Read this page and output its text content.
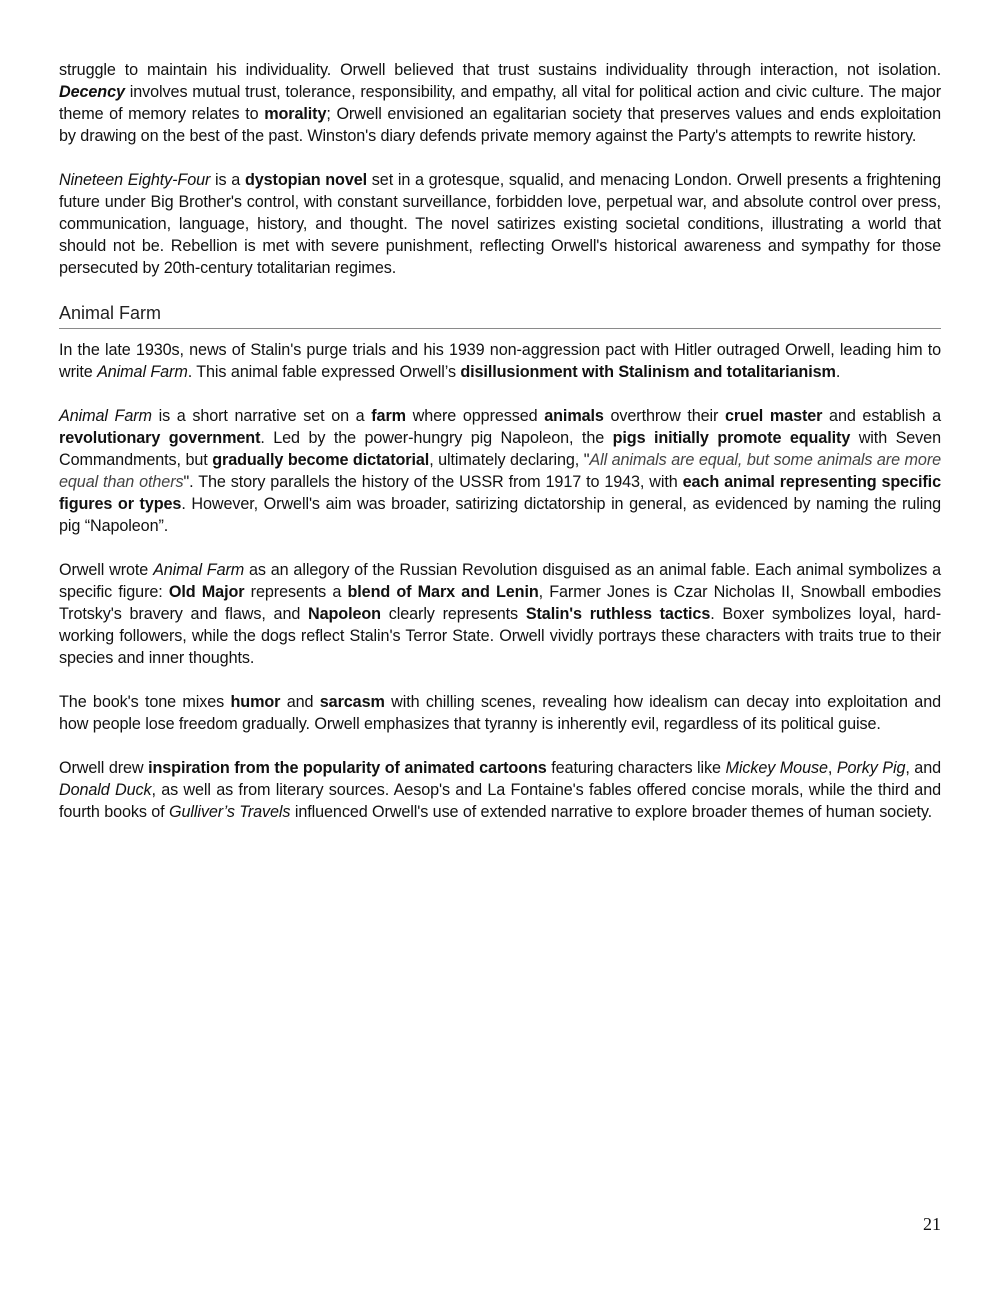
struggle to maintain his individuality. Orwell believed that trust sustains individuality through interaction, not isolation. Decency involves mutual trust, tolerance, responsibility, and empathy, all vital for political action and civic culture. The major theme of memory relates to morality; Orwell envisioned an egalitarian society that preserves values and ends exploitation by drawing on the best of the past. Winston's diary defends private memory against the Party's attempts to rewrite history.

Nineteen Eighty-Four is a dystopian novel set in a grotesque, squalid, and menacing London. Orwell presents a frightening future under Big Brother's control, with constant surveillance, forbidden love, perpetual war, and absolute control over press, communication, language, history, and thought. The novel satirizes existing societal conditions, illustrating a world that should not be. Rebellion is met with severe punishment, reflecting Orwell's historical awareness and sympathy for those persecuted by 20th-century totalitarian regimes.

Animal Farm

In the late 1930s, news of Stalin's purge trials and his 1939 non-aggression pact with Hitler outraged Orwell, leading him to write Animal Farm. This animal fable expressed Orwell’s disillusionment with Stalinism and totalitarianism.

Animal Farm is a short narrative set on a farm where oppressed animals overthrow their cruel master and establish a revolutionary government. Led by the power-hungry pig Napoleon, the pigs initially promote equality with Seven Commandments, but gradually become dictatorial, ultimately declaring, "All animals are equal, but some animals are more equal than others". The story parallels the history of the USSR from 1917 to 1943, with each animal representing specific figures or types. However, Orwell's aim was broader, satirizing dictatorship in general, as evidenced by naming the ruling pig “Napoleon”.

Orwell wrote Animal Farm as an allegory of the Russian Revolution disguised as an animal fable. Each animal symbolizes a specific figure: Old Major represents a blend of Marx and Lenin, Farmer Jones is Czar Nicholas II, Snowball embodies Trotsky's bravery and flaws, and Napoleon clearly represents Stalin's ruthless tactics. Boxer symbolizes loyal, hard-working followers, while the dogs reflect Stalin's Terror State. Orwell vividly portrays these characters with traits true to their species and inner thoughts.

The book's tone mixes humor and sarcasm with chilling scenes, revealing how idealism can decay into exploitation and how people lose freedom gradually. Orwell emphasizes that tyranny is inherently evil, regardless of its political guise.

Orwell drew inspiration from the popularity of animated cartoons featuring characters like Mickey Mouse, Porky Pig, and Donald Duck, as well as from literary sources. Aesop's and La Fontaine's fables offered concise morals, while the third and fourth books of Gulliver’s Travels influenced Orwell's use of extended narrative to explore broader themes of human society.

21
